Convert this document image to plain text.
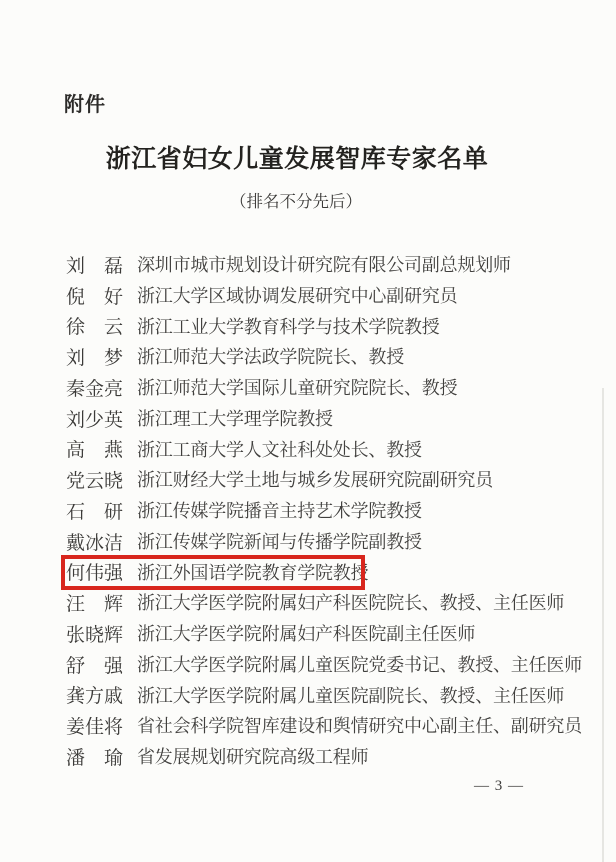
附件
浙江省妇女儿童发展智库专家名单
（排名不分先后）
刘磊 深圳市城市规划设计研究院有限公司副总规划师
倪好 浙江大学区域协调发展研究中心副研究员
徐云 浙江工业大学教育科学与技术学院教授
刘梦 浙江师范大学法政学院院长、教授
秦金亮 浙江师范大学国际儿童研究院院长、教授
刘少英 浙江理工大学理学院教授
高燕 浙江工商大学人文社科处处长、教授
党云晓 浙江财经大学土地与城乡发展研究院副研究员
石研 浙江传媒学院播音主持艺术学院教授
戴冰洁 浙江传媒学院新闻与传播学院副教授
何伟强 浙江外国语学院教育学院教授
汪辉 浙江大学医学院附属妇产科医院院长、教授、主任医师
张晓辉 浙江大学医学院附属妇产科医院副主任医师
舒强 浙江大学医学院附属儿童医院党委书记、教授、主任医师
龚方戚 浙江大学医学院附属儿童医院副院长、教授、主任医师
姜佳将 省社会科学院智库建设和舆情研究中心副主任、副研究员
潘瑜 省发展规划研究院高级工程师
— 3 —
